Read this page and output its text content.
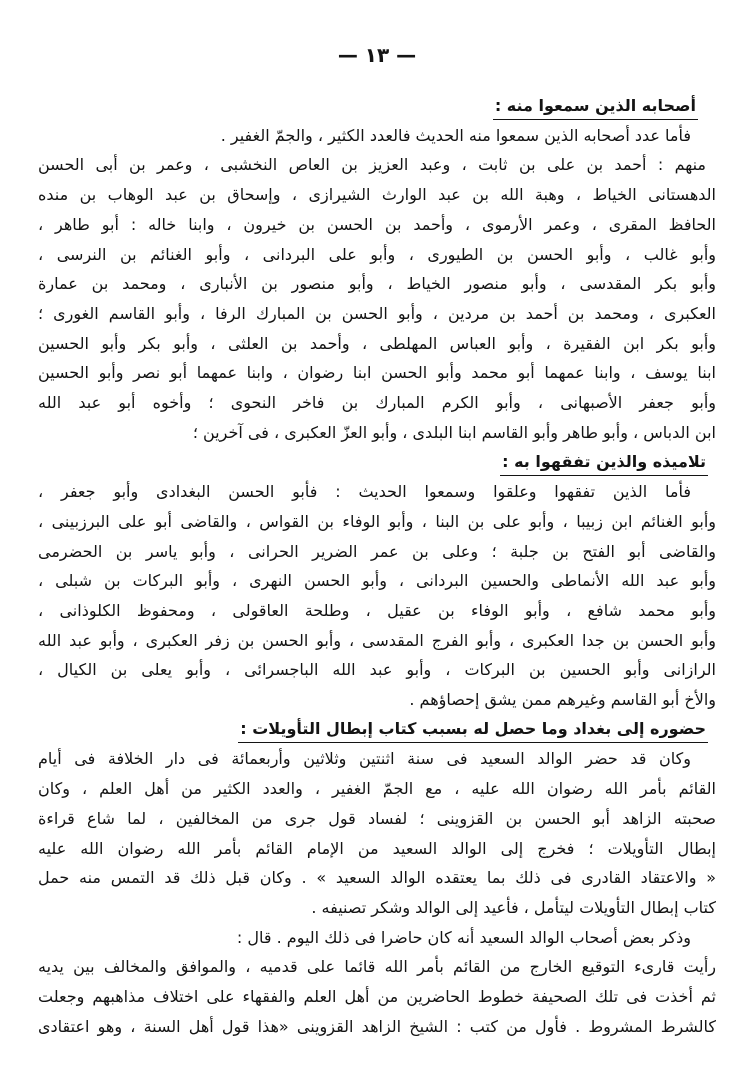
— ١٣ —
أصحابه الذين سمعوا منه :
فأما عدد أصحابه الذين سمعوا منه الحديث فالعدد الكثير ، والجمّ الغفير .
منهم : أحمد بن على بن ثابت ، وعبد العزيز بن العاص النخشبى ، وعمر بن أبى الحسن
الدهستانى الخياط ، وهبة الله بن عبد الوارث الشيرازى ، وإسحاق بن عبد الوهاب بن منده
الحافظ المقرى ، وعمر الأرموى ، وأحمد بن الحسن بن خيرون ، وابنا خاله : أبو طاهر ،
وأبو غالب ، وأبو الحسن بن الطيورى ، وأبو على البردانى ، وأبو الغنائم بن النرسى ،
وأبو بكر المقدسى ، وأبو منصور الخياط ، وأبو منصور بن الأنبارى ، ومحمد بن عمارة
العكبرى ، ومحمد بن أحمد بن مردين ، وأبو الحسن بن المبارك الرفا ، وأبو القاسم الغورى ؛
وأبو بكر ابن الفقيرة ، وأبو العباس المهلطى ، وأحمد بن العلثى ، وأبو بكر وأبو الحسين
ابنا يوسف ، وابنا عمهما أبو محمد وأبو الحسن ابنا رضوان ، وابنا عمهما أبو نصر وأبو الحسين
وأبو جعفر الأصبهانى ، وأبو الكرم المبارك بن فاخر النحوى ؛ وأخوه أبو عبد الله
ابن الدباس ، وأبو طاهر وأبو القاسم ابنا البلدى ، وأبو العزّ العكبرى ، فى آخرين ؛
تلاميذه والذين تفقهوا به :
فأما الذين تفقهوا وعلقوا وسمعوا الحديث : فأبو الحسن البغدادى وأبو جعفر ،
وأبو الغنائم ابن زبيبا ، وأبو على بن البنا ، وأبو الوفاء بن القواس ، والقاضى أبو على البرزبينى ،
والقاضى أبو الفتح بن جلبة ؛ وعلى بن عمر الضرير الحرانى ، وأبو ياسر بن الحضرمى
وأبو عبد الله الأنماطى والحسين البردانى ، وأبو الحسن النهرى ، وأبو البركات بن شبلى ،
وأبو محمد شافع ، وأبو الوفاء بن عقيل ، وطلحة العاقولى ، ومحفوظ الكلوذانى ،
وأبو الحسن بن جدا العكبرى ، وأبو الفرج المقدسى ، وأبو الحسن بن زفر العكبرى ، وأبو عبد الله
الرازانى وأبو الحسين بن البركات ، وأبو عبد الله الباجسرائى ، وأبو يعلى بن الكيال ،
والأخ أبو القاسم وغيرهم ممن يشق إحصاؤهم .
حضوره إلى بغداد وما حصل له بسبب كتاب إبطال التأويلات :
وكان قد حضر الوالد السعيد فى سنة اثنتين وثلاثين وأربعمائة فى دار الخلافة فى أيام
القائم بأمر الله رضوان الله عليه ، مع الجمّ الغفير ، والعدد الكثير من أهل العلم ، وكان
صحبته الزاهد أبو الحسن بن القزوينى ؛ لفساد قول جرى من المخالفين ، لما شاع قراءة
إبطال التأويلات ؛ فخرج إلى الوالد السعيد من الإمام القائم بأمر الله رضوان الله عليه
« والاعتقاد القادرى فى ذلك بما يعتقده الوالد السعيد » . وكان قبل ذلك قد التمس منه حمل
كتاب إبطال التأويلات ليتأمل ، فأعيد إلى الوالد وشكر تصنيفه .
وذكر بعض أصحاب الوالد السعيد أنه كان حاضرا فى ذلك اليوم . قال :
رأيت قارىء التوقيع الخارج من القائم بأمر الله قائما على قدميه ، والموافق والمخالف بين يديه
ثم أخذت فى تلك الصحيفة خطوط الحاضرين من أهل العلم والفقهاء على اختلاف مذاهبهم وجعلت
كالشرط المشروط . فأول من كتب : الشيخ الزاهد القزوينى «هذا قول أهل السنة ، وهو اعتقادى
